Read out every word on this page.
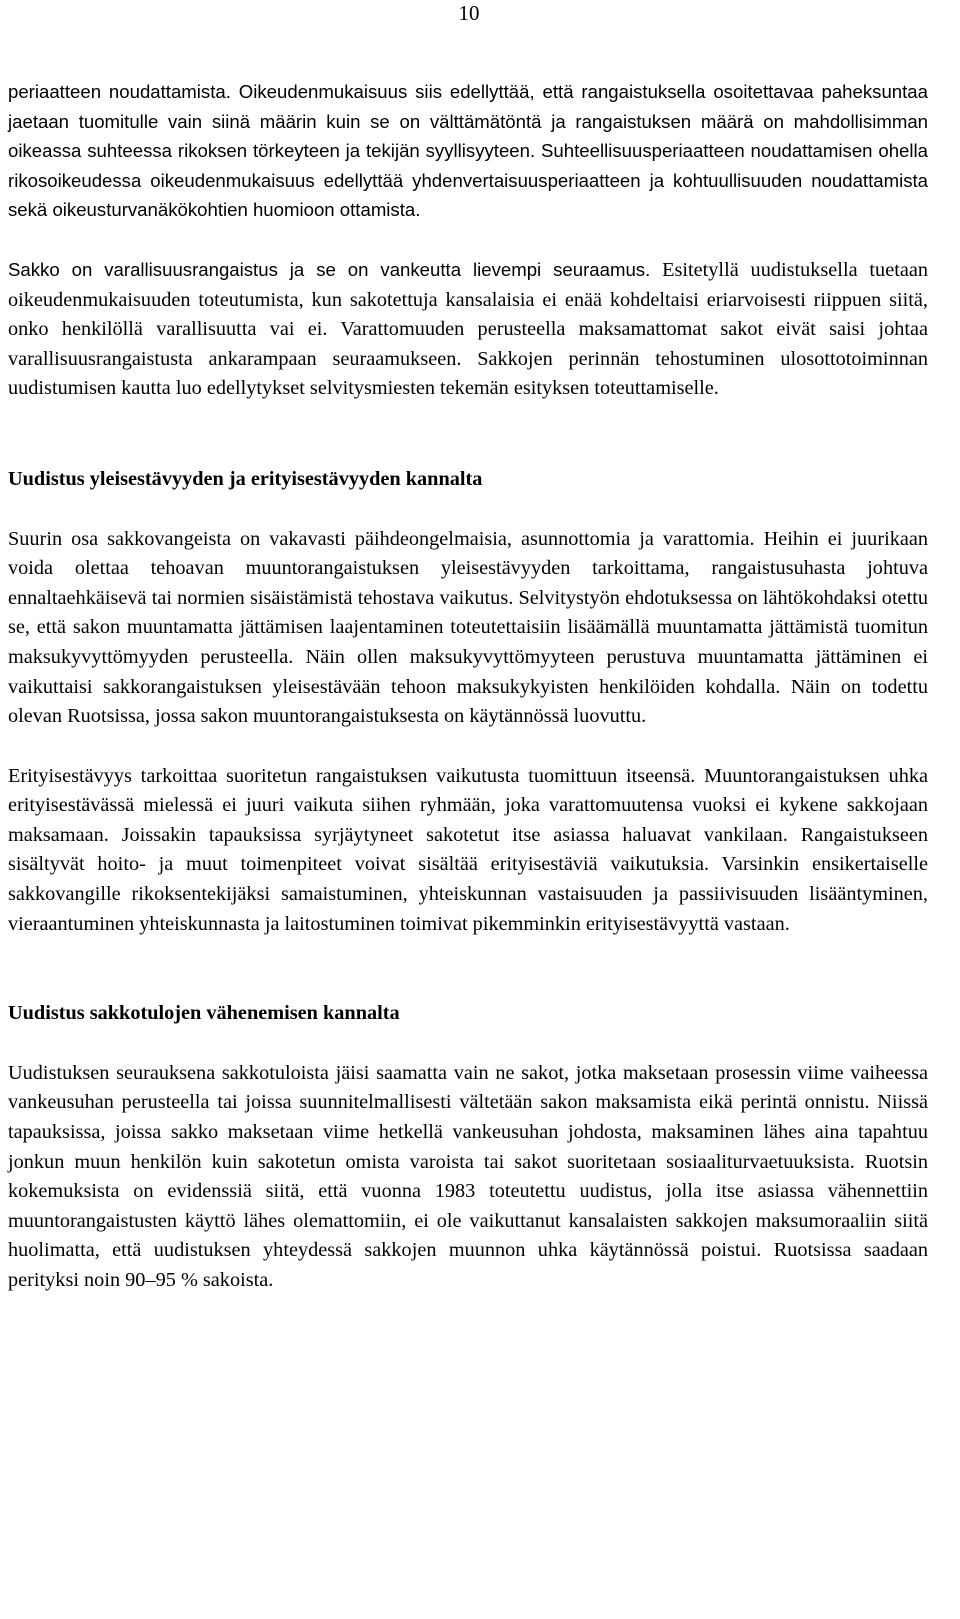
10

periaatteen noudattamista. Oikeudenmukaisuus siis edellyttää, että rangaistuksella osoitettavaa paheksuntaa jaetaan tuomitulle vain siinä määrin kuin se on välttämätöntä ja rangaistuksen määrä on mahdollisimman oikeassa suhteessa rikoksen törkeyteen ja tekijän syyllisyyteen. Suhteellisuusperiaatteen noudattamisen ohella rikosoikeudessa oikeudenmukaisuus edellyttää yhdenvertaisuusperiaatteen ja kohtuullisuuden noudattamista sekä oikeusturvanäkökohtien huomioon ottamista.

Sakko on varallisuusrangaistus ja se on vankeutta lievempi seuraamus. Esitetyllä uudistuksella tuetaan oikeudenmukaisuuden toteutumista, kun sakotettuja kansalaisia ei enää kohdeltaisi eriarvoisesti riippuen siitä, onko henkilöllä varallisuutta vai ei. Varattomuuden perusteella maksamattomat sakot eivät saisi johtaa varallisuusrangaistusta ankarampaan seuraamukseen. Sakkojen perinnän tehostuminen ulosottotoiminnan uudistumisen kautta luo edellytykset selvitysmiesten tekemän esityksen toteuttamiselle.

Uudistus yleisestävyyden ja erityisestävyyden kannalta

Suurin osa sakkovangeista on vakavasti päihdeongelmaisia, asunnottomia ja varattomia. Heihin ei juurikaan voida olettaa tehoavan muuntorangaistuksen yleisestävyyden tarkoittama, rangaistusuhasta johtuva ennaltaehkäisevä tai normien sisäistämistä tehostava vaikutus. Selvitystyön ehdotuksessa on lähtökohdaksi otettu se, että sakon muuntamatta jättämisen laajentaminen toteutettaisiin lisäämällä muuntamatta jättämistä tuomitun maksukyvyttömyyden perusteella. Näin ollen maksukyvyttömyyteen perustuva muuntamatta jättäminen ei vaikuttaisi sakkorangaistuksen yleisestävään tehoon maksukykyisten henkilöiden kohdalla. Näin on todettu olevan Ruotsissa, jossa sakon muuntorangaistuksesta on käytännössä luovuttu.

Erityisestävyys tarkoittaa suoritetun rangaistuksen vaikutusta tuomittuun itseensä. Muuntorangaistuksen uhka erityisestävässä mielessä ei juuri vaikuta siihen ryhmään, joka varattomuutensa vuoksi ei kykene sakkojaan maksamaan. Joissakin tapauksissa syrjäytyneet sakotetut itse asiassa haluavat vankilaan. Rangaistukseen sisältyvät hoito- ja muut toimenpiteet voivat sisältää erityisestäviä vaikutuksia. Varsinkin ensikertaiselle sakkovangille rikoksentekijäksi samaistuminen, yhteiskunnan vastaisuuden ja passiivisuuden lisääntyminen, vieraantuminen yhteiskunnasta ja laitostuminen toimivat pikemminkin erityisestävyyttä vastaan.

Uudistus sakkotulojen vähenemisen kannalta

Uudistuksen seurauksena sakkotuloista jäisi saamatta vain ne sakot, jotka maksetaan prosessin viime vaiheessa vankeusuhan perusteella tai joissa suunnitelmallisesti vältetään sakon maksamista eikä perintä onnistu. Niissä tapauksissa, joissa sakko maksetaan viime hetkellä vankeusuhan johdosta, maksaminen lähes aina tapahtuu jonkun muun henkilön kuin sakotetun omista varoista tai sakot suoritetaan sosiaaliturvaetuuksista. Ruotsin kokemuksista on evidenssiä siitä, että vuonna 1983 toteutettu uudistus, jolla itse asiassa vähennettiin muuntorangaistusten käyttö lähes olemattomiin, ei ole vaikuttanut kansalaisten sakkojen maksumoraaliin siitä huolimatta, että uudistuksen yhteydessä sakkojen muunnon uhka käytännössä poistui. Ruotsissa saadaan perityksi noin 90–95 % sakoista.
